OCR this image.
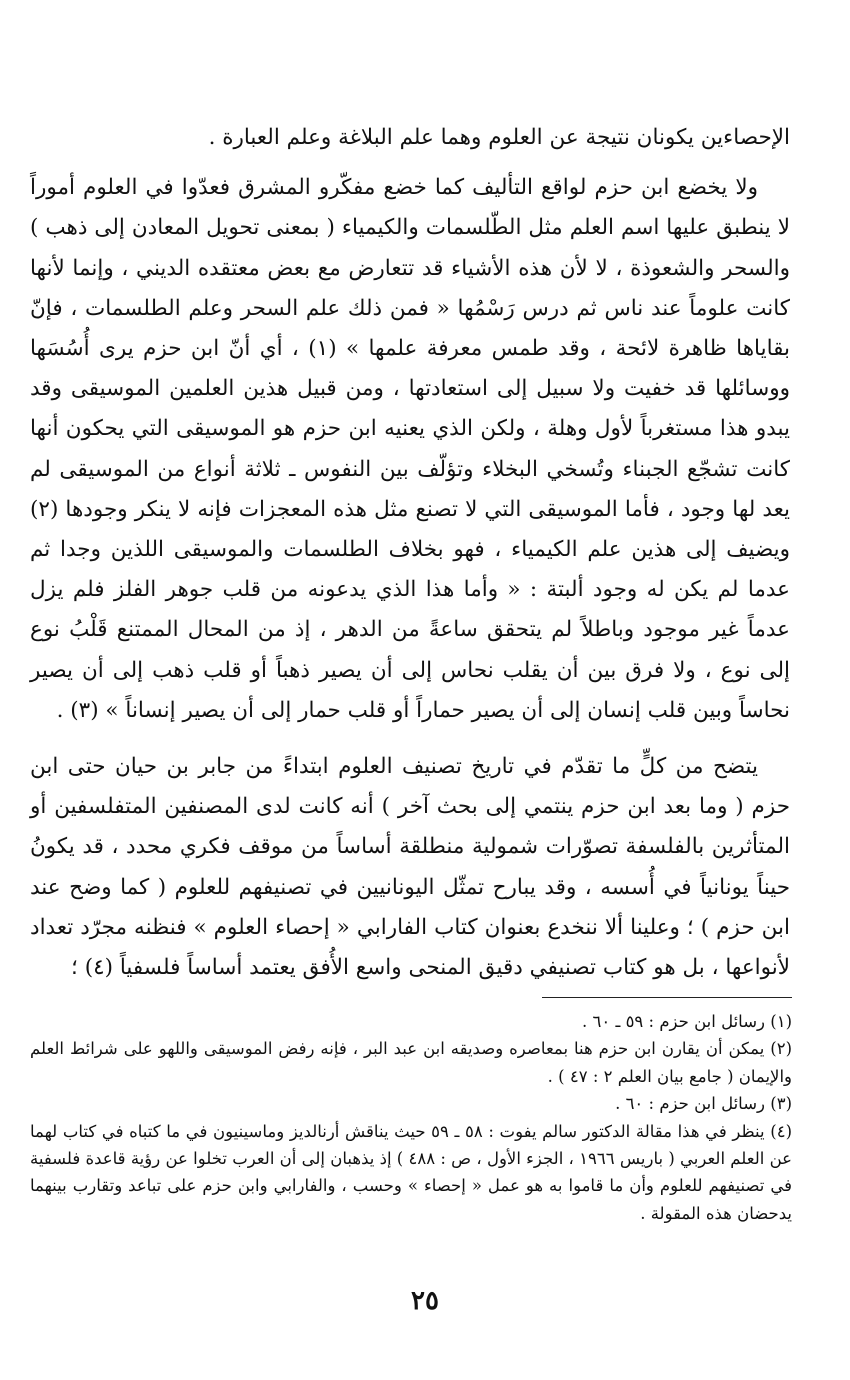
الإحصاءين يكونان نتيجة عن العلوم وهما علم البلاغة وعلم العبارة .

ولا يخضع ابن حزم لواقع التأليف كما خضع مفكّرو المشرق فعدّوا في العلوم أموراً لا ينطبق عليها اسم العلم مثل الطّلسمات والكيمياء ( بمعنى تحويل المعادن إلى ذهب ) والسحر والشعوذة ، لا لأن هذه الأشياء قد تتعارض مع بعض معتقده الديني ، وإنما لأنها كانت علوماً عند ناس ثم درس رَسْمُها « فمن ذلك علم السحر وعلم الطلسمات ، فإنّ بقاياها ظاهرة لائحة ، وقد طمس معرفة علمها » (١) ، أي أنّ ابن حزم يرى أُسُسَها ووسائلها قد خفيت ولا سبيل إلى استعادتها ، ومن قبيل هذين العلمين الموسيقى وقد يبدو هذا مستغرباً لأول وهلة ، ولكن الذي يعنيه ابن حزم هو الموسيقى التي يحكون أنها كانت تشجّع الجبناء وتُسخي البخلاء وتؤلّف بين النفوس ـ ثلاثة أنواع من الموسيقى لم يعد لها وجود ، فأما الموسيقى التي لا تصنع مثل هذه المعجزات فإنه لا ينكر وجودها (٢) ويضيف إلى هذين علم الكيمياء ، فهو بخلاف الطلسمات والموسيقى اللذين وجدا ثم عدما لم يكن له وجود ألبتة : « وأما هذا الذي يدعونه من قلب جوهر الفلز فلم يزل عدماً غير موجود وباطلاً لم يتحقق ساعةً من الدهر ، إذ من المحال الممتنع قَلْبُ نوع إلى نوع ، ولا فرق بين أن يقلب نحاس إلى أن يصير ذهباً أو قلب ذهب إلى أن يصير نحاساً وبين قلب إنسان إلى أن يصير حماراً أو قلب حمار إلى أن يصير إنساناً » (٣) .

يتضح من كلٍّ ما تقدّم في تاريخ تصنيف العلوم ابتداءً من جابر بن حيان حتى ابن حزم ( وما بعد ابن حزم ينتمي إلى بحث آخر ) أنه كانت لدى المصنفين المتفلسفين أو المتأثرين بالفلسفة تصوّرات شمولية منطلقة أساساً من موقف فكري محدد ، قد يكونُ حيناً يونانياً في أُسسه ، وقد يبارح تمثّل اليونانيين في تصنيفهم للعلوم ( كما وضح عند ابن حزم ) ؛ وعلينا ألا ننخدع بعنوان كتاب الفارابي « إحصاء العلوم » فنظنه مجرّد تعداد لأنواعها ، بل هو كتاب تصنيفي دقيق المنحى واسع الأُفق يعتمد أساساً فلسفياً (٤) ؛

(١) رسائل ابن حزم : ٥٩ ـ ٦٠ .

(٢) يمكن أن يقارن ابن حزم هنا بمعاصره وصديقه ابن عبد البر ، فإنه رفض الموسيقى واللهو على شرائط العلم والإيمان ( جامع بيان العلم ٢ : ٤٧ ) .

(٣) رسائل ابن حزم : ٦٠ .

(٤) ينظر في هذا مقالة الدكتور سالم يفوت : ٥٨ ـ ٥٩ حيث يناقش أرنالديز وماسينيون في ما كتباه في كتاب لهما عن العلم العربي ( باريس ١٩٦٦ ، الجزء الأول ، ص : ٤٨٨ ) إذ يذهبان إلى أن العرب تخلوا عن رؤية قاعدة فلسفية في تصنيفهم للعلوم وأن ما قاموا به هو عمل « إحصاء » وحسب ، والفارابي وابن حزم على تباعد وتقارب بينهما يدحضان هذه المقولة .

٢٥
